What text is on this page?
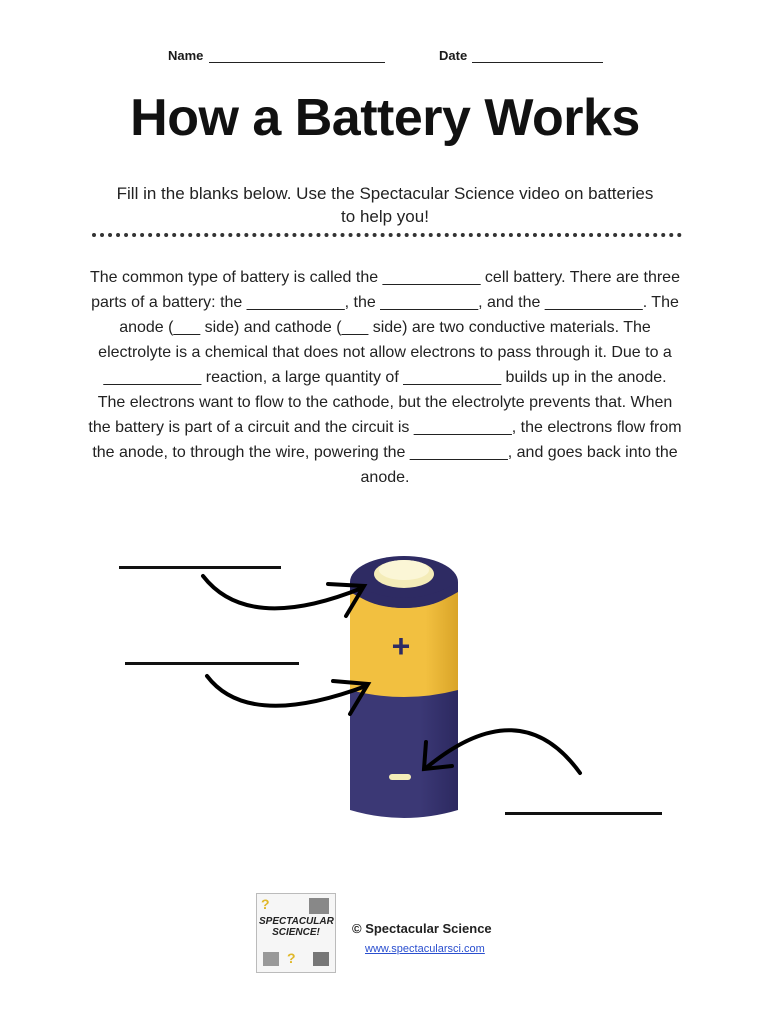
Name	Date
How a Battery Works
Fill in the blanks below. Use the Spectacular Science video on batteries to help you!
The common type of battery is called the ___________ cell battery. There are three parts of a battery: the ___________, the ___________, and the ___________. The anode (___ side) and cathode (___ side) are two conductive materials. The electrolyte is a chemical that does not allow electrons to pass through it. Due to a ___________ reaction, a large quantity of ___________ builds up in the anode. The electrons want to flow to the cathode, but the electrolyte prevents that. When the battery is part of a circuit and the circuit is ___________, the electrons flow from the anode, to through the wire, powering the ___________, and goes back into the anode.
+
?
?
SPECTACULAR SCIENCE!	© Spectacular Science
www.spectacularsci.com
